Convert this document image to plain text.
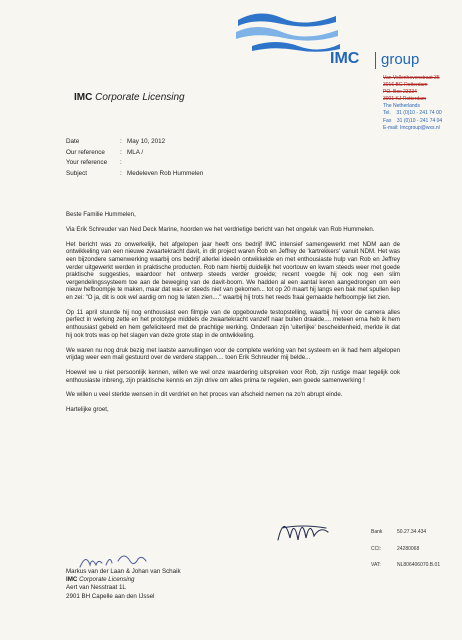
IMC group
Van Vollenhovenstraat 35
3016 BG Rotterdam
PO. Box 23334
3001 KJ Rotterdam
The Netherlands
Tel. 31 (0)10 - 241 74 00
Fax 31 (0)10 - 241 74 04
E-mail: Imcgroup@wxs.nl
IMC Corporate Licensing
Date	: May 10, 2012
Our reference : MLA /
Your reference :
Subject	: Medeleven Rob Hummelen

Beste Familie Hummelen,

Via Erik Schreuder van Ned Deck Marine, hoorden we het verdrietige bericht van het ongeluk van Rob Hummelen.

Het bericht was zo onwerkelijk, het afgelopen jaar heeft ons bedrijf IMC intensief samengewerkt met NDM aan de ontwikkeling van een nieuwe zwaartekracht davit, in dit project waren Rob en Jeffrey de 'kartrekkers' vanuit NDM. Het was een bijzondere samenwerking waarbij ons bedrijf allerlei ideeën ontwikkelde en met enthousiaste hulp van Rob en Jeffrey verder uitgewerkt werden in praktische producten. Rob nam hierbij duidelijk het voortouw en kwam steeds weer met goede praktische suggesties, waardoor het ontwerp steeds verder groeide; recent voegde hij ook nog een slim vergendelingssysteem toe aan de beweging van de davit-boom. We hadden al een aantal keren aangedrongen om een nieuw hefboompje te maken, maar dat was er steeds niet van gekomen... tot op 20 maart hij langs een bak met spullen liep en zei: "O ja, dit is ook wel aardig om nog te laten zien...." waarbij hij trots het reeds fraai gemaakte hefboompje liet zien.

Op 11 april stuurde hij nog enthousiast een filmpje van de opgebouwde testopstelling, waarbij hij voor de camera alles perfect in werking zette en het prototype middels de zwaartekracht vanzelf naar buiten draaide.... meteen erna heb ik hem enthousiast gebeld en hem gefeliciteerd met de prachtige werking. Onderaan zijn 'uiterlijke' bescheidenheid, merkte ik dat hij ook trots was op het slagen van deze grote stap in de ontwikkeling.

We waren nu nog druk bezig met laatste aanvullingen voor de complete werking van het systeem en ik had hem afgelopen vrijdag weer een mail gestuurd over de verdere stappen.... toen Erik Schreuder mij belde...

Hoewel we u niet persoonlijk kennen, willen we wel onze waardering uitspreken voor Rob, zijn rustige maar tegelijk ook enthousiaste inbreng, zijn praktische kennis en zijn drive om alles prima te regelen, een goede samenwerking !

We willen u veel sterkte wensen in dit verdriet en het proces van afscheid nemen na zo'n abrupt einde.

Hartelijke groet,

Markus van der Laan & Johan van Schaik
IMC Corporate Licensing
Aert van Nesstraat 1L
2901 BH Capelle aan den IJssel
Bank	50.27.34.434
CCI:	24280068
VAT:	NL806406070.B.01
